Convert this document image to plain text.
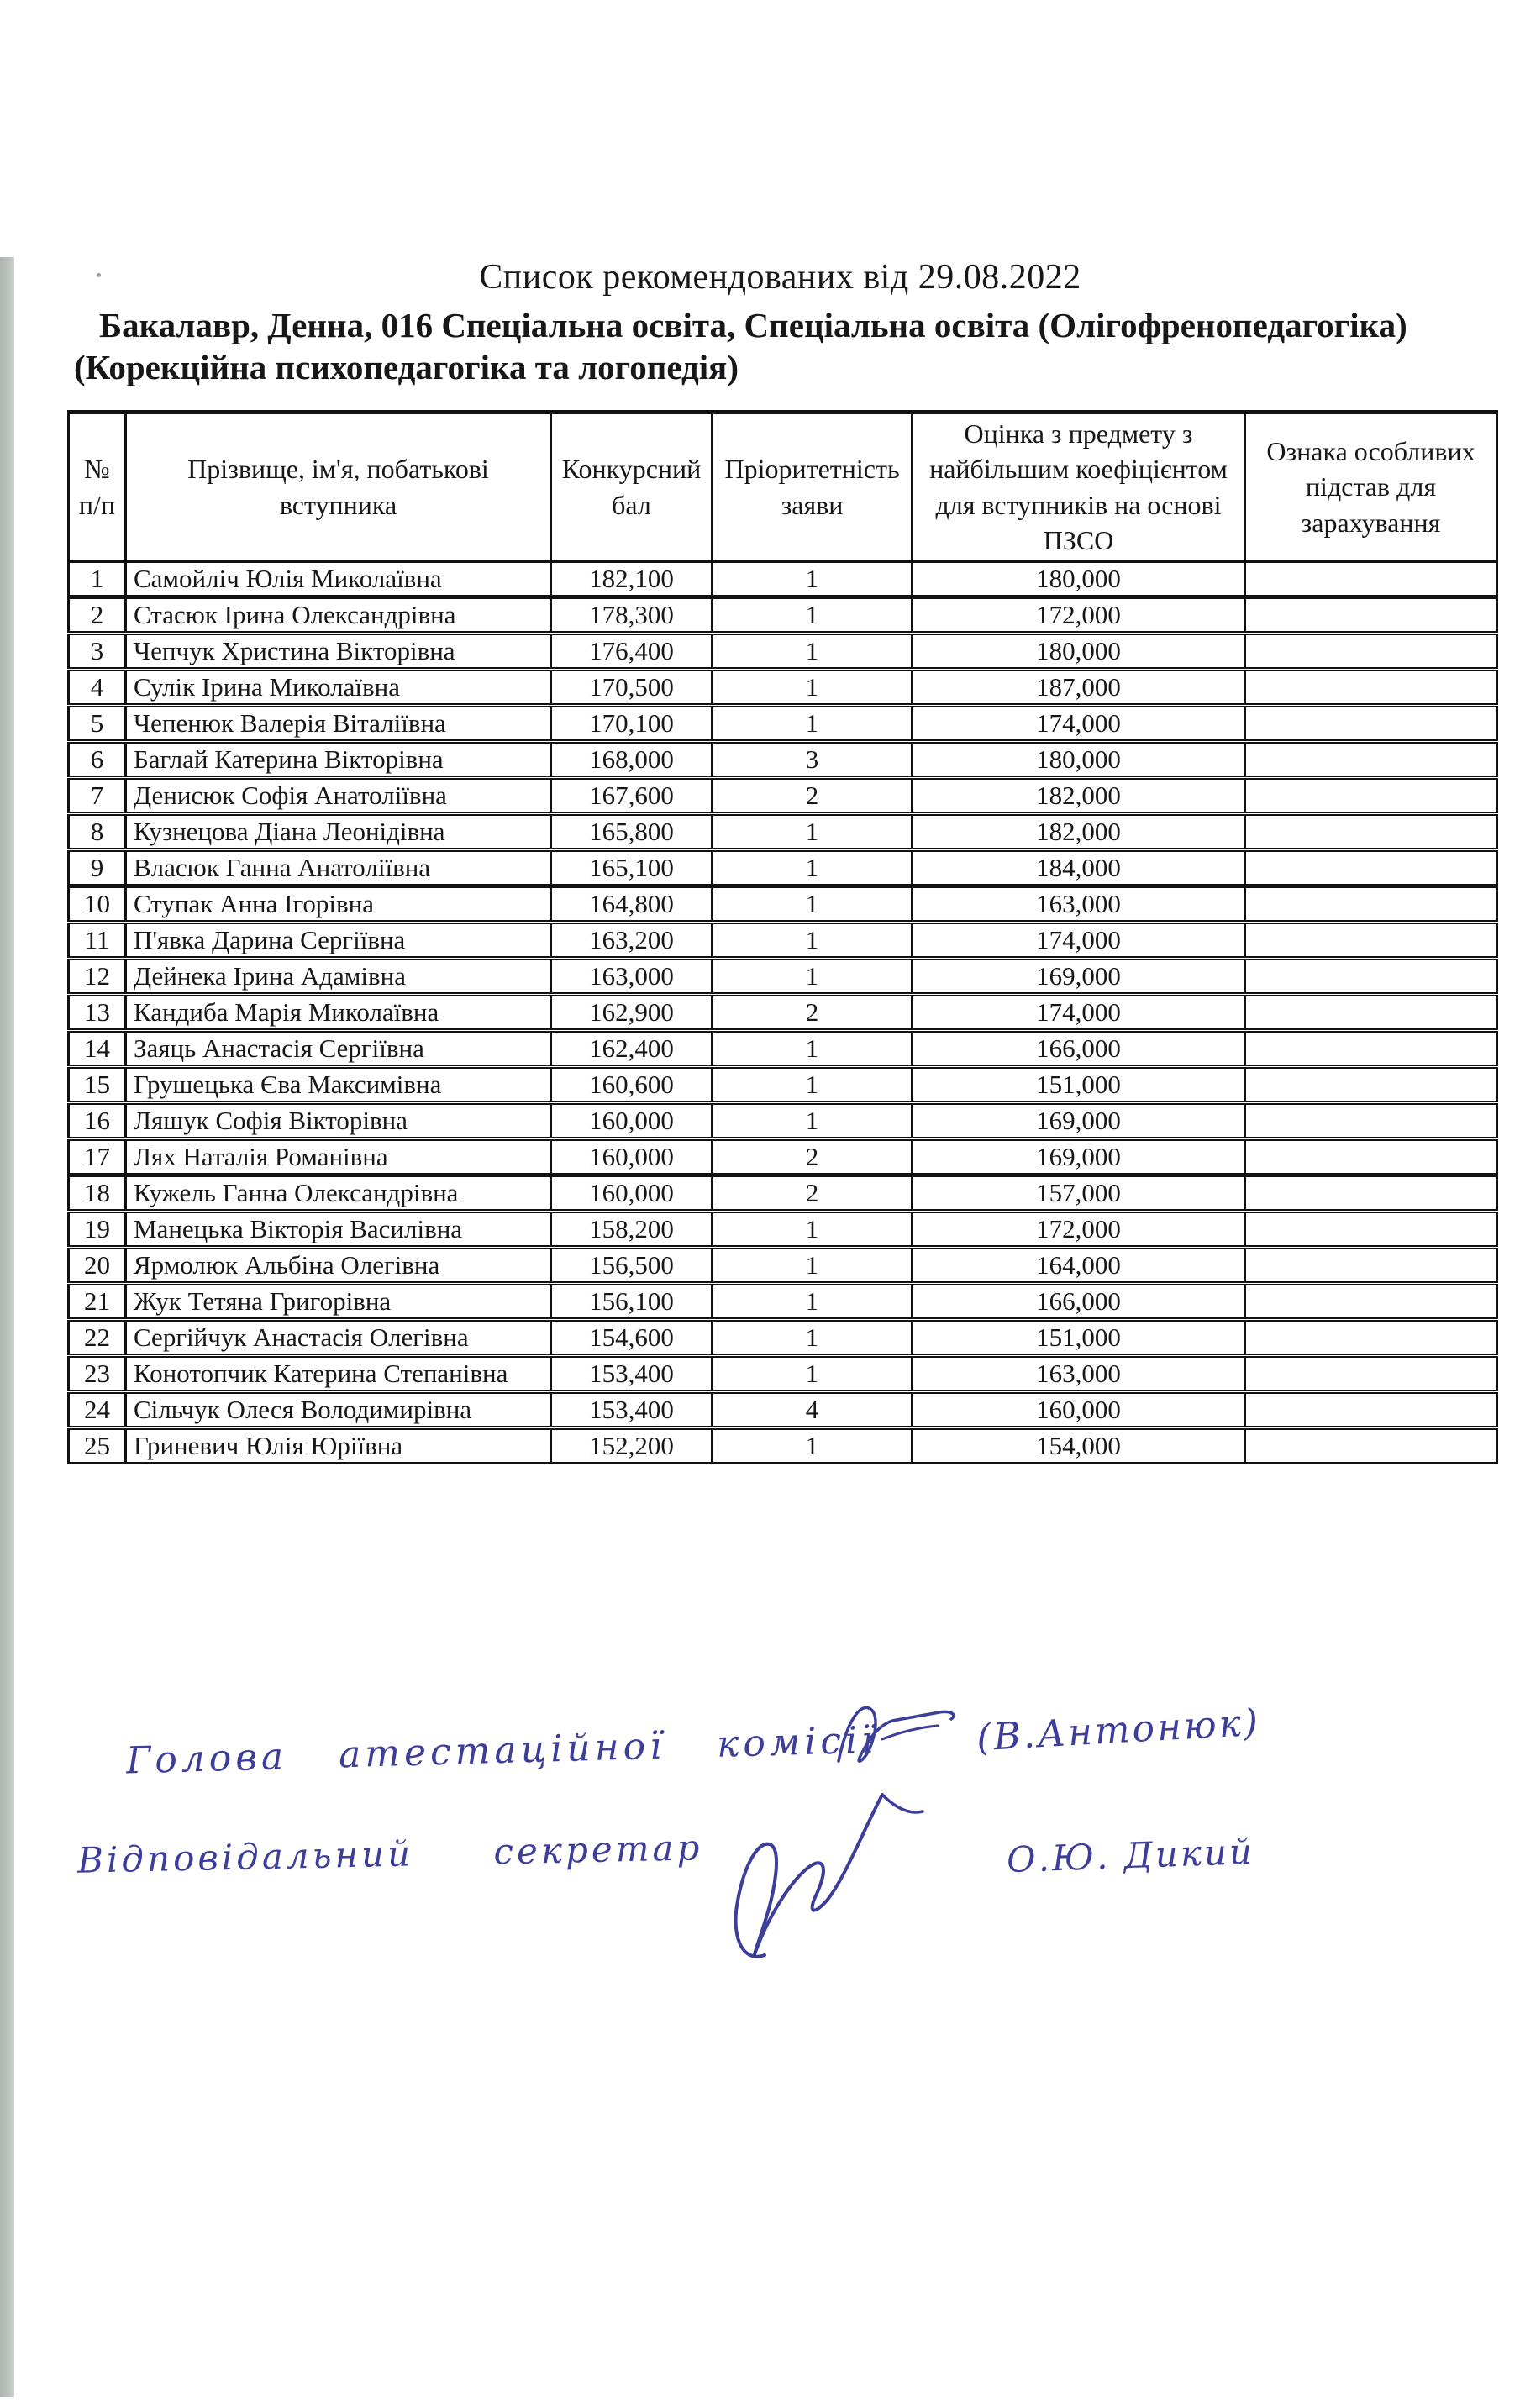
Список рекомендованих від 29.08.2022
Бакалавр, Денна, 016 Спеціальна освіта, Спеціальна освіта (Олігофренопедагогіка) (Корекційна психопедагогіка та логопедія)
№ п/п	Прізвище, ім'я, побатькові вступника	Конкурсний бал	Пріоритетність заяви	Оцінка з предмету з найбільшим коефіцієнтом для вступників на основі ПЗСО	Ознака особливих підстав для зарахування
1	Самойліч Юлія Миколаївна	182,100	1	180,000	
2	Стасюк Ірина Олександрівна	178,300	1	172,000	
3	Чепчук Христина Вікторівна	176,400	1	180,000	
4	Сулік Ірина Миколаївна	170,500	1	187,000	
5	Чепенюк Валерія Віталіївна	170,100	1	174,000	
6	Баглай Катерина Вікторівна	168,000	3	180,000	
7	Денисюк Софія Анатоліївна	167,600	2	182,000	
8	Кузнецова Діана Леонідівна	165,800	1	182,000	
9	Власюк Ганна Анатоліївна	165,100	1	184,000	
10	Ступак Анна Ігорівна	164,800	1	163,000	
11	П'явка Дарина Сергіївна	163,200	1	174,000	
12	Дейнека Ірина Адамівна	163,000	1	169,000	
13	Кандиба Марія Миколаївна	162,900	2	174,000	
14	Заяць Анастасія Сергіївна	162,400	1	166,000	
15	Грушецька Єва Максимівна	160,600	1	151,000	
16	Ляшук Софія Вікторівна	160,000	1	169,000	
17	Лях Наталія Романівна	160,000	2	169,000	
18	Кужель Ганна Олександрівна	160,000	2	157,000	
19	Манецька Вікторія Василівна	158,200	1	172,000	
20	Ярмолюк Альбіна Олегівна	156,500	1	164,000	
21	Жук Тетяна Григорівна	156,100	1	166,000	
22	Сергійчук Анастасія Олегівна	154,600	1	151,000	
23	Конотопчик Катерина Степанівна	153,400	1	163,000	
24	Сільчук Олеся Володимирівна	153,400	4	160,000	
25	Гриневич Юлія Юріївна	152,200	1	154,000	
Голова атестаційної комісії	(В.Антонюк)
Відповідальний секретар	О.Ю. Дикий
